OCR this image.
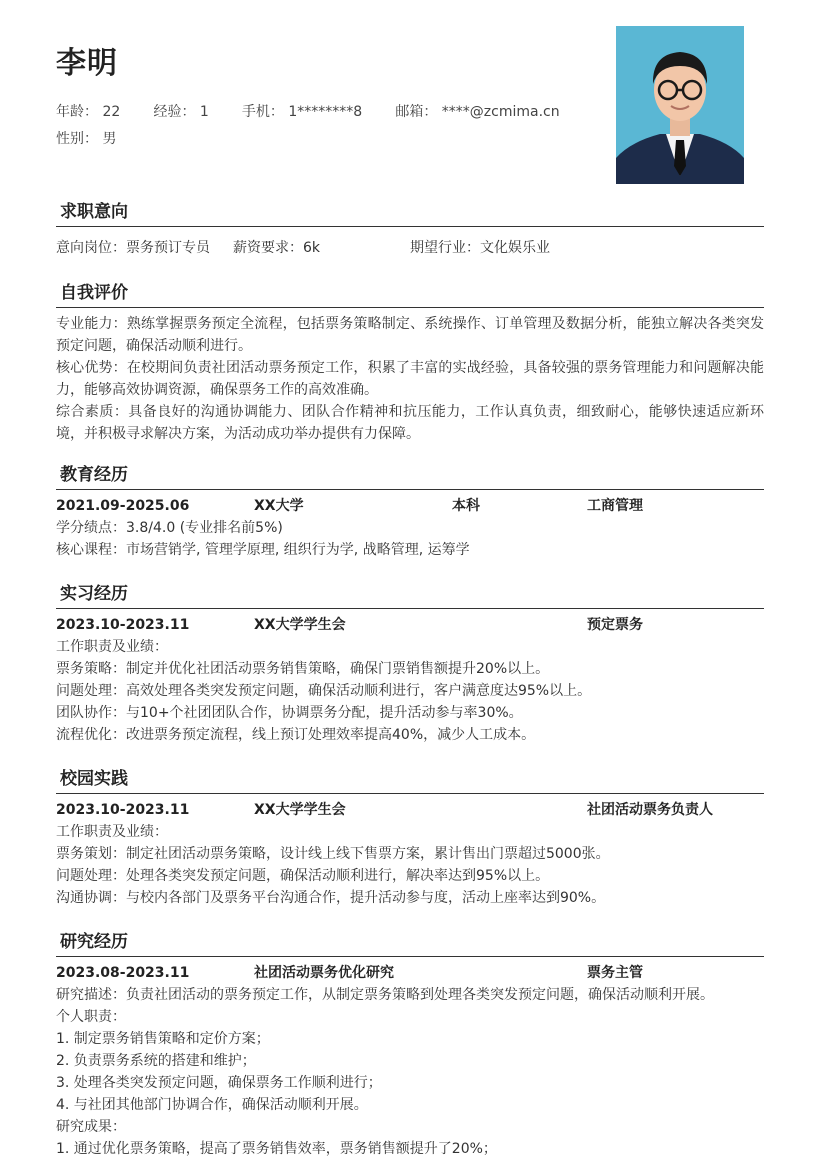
李明
年龄： 22 经验： 1 手机： 1********8 邮箱： ****@zcmima.cn
性别： 男
求职意向
意向岗位：票务预订专员 薪资要求：6k	期望行业：文化娱乐业
自我评价

专业能力：熟练掌握票务预定全流程，包括票务策略制定、系统操作、订单管理及数据分析，能独立解决各类突发预定问题，确保活动顺利进行。

核心优势：在校期间负责社团活动票务预定工作，积累了丰富的实战经验，具备较强的票务管理能力和问题解决能力，能够高效协调资源，确保票务工作的高效准确。

综合素质：具备良好的沟通协调能力、团队合作精神和抗压能力，工作认真负责，细致耐心，能够快速适应新环境，并积极寻求解决方案，为活动成功举办提供有力保障。

教育经历
2021.09-2025.06	XX大学	本科	工商管理

学分绩点：3.8/4.0 (专业排名前5%)

核心课程：市场营销学, 管理学原理, 组织行为学, 战略管理, 运筹学

实习经历
2023.10-2023.11	XX大学学生会	预定票务

工作职责及业绩：

票务策略：制定并优化社团活动票务销售策略，确保门票销售额提升20%以上。

问题处理：高效处理各类突发预定问题，确保活动顺利进行，客户满意度达95%以上。

团队协作：与10+个社团团队合作，协调票务分配，提升活动参与率30%。

流程优化：改进票务预定流程，线上预订处理效率提高40%，减少人工成本。

校园实践
2023.10-2023.11	XX大学学生会	社团活动票务负责人

工作职责及业绩：

票务策划：制定社团活动票务策略，设计线上线下售票方案，累计售出门票超过5000张。

问题处理：处理各类突发预定问题，确保活动顺利进行，解决率达到95%以上。

沟通协调：与校内各部门及票务平台沟通合作，提升活动参与度，活动上座率达到90%。

研究经历
2023.08-2023.11	社团活动票务优化研究	票务主管

研究描述：负责社团活动的票务预定工作，从制定票务策略到处理各类突发预定问题，确保活动顺利开展。

个人职责：

1. 制定票务销售策略和定价方案；

2. 负责票务系统的搭建和维护；

3. 处理各类突发预定问题，确保票务工作顺利进行；

4. 与社团其他部门协调合作，确保活动顺利开展。

研究成果：

1. 通过优化票务策略，提高了票务销售效率，票务销售额提升了20%；
